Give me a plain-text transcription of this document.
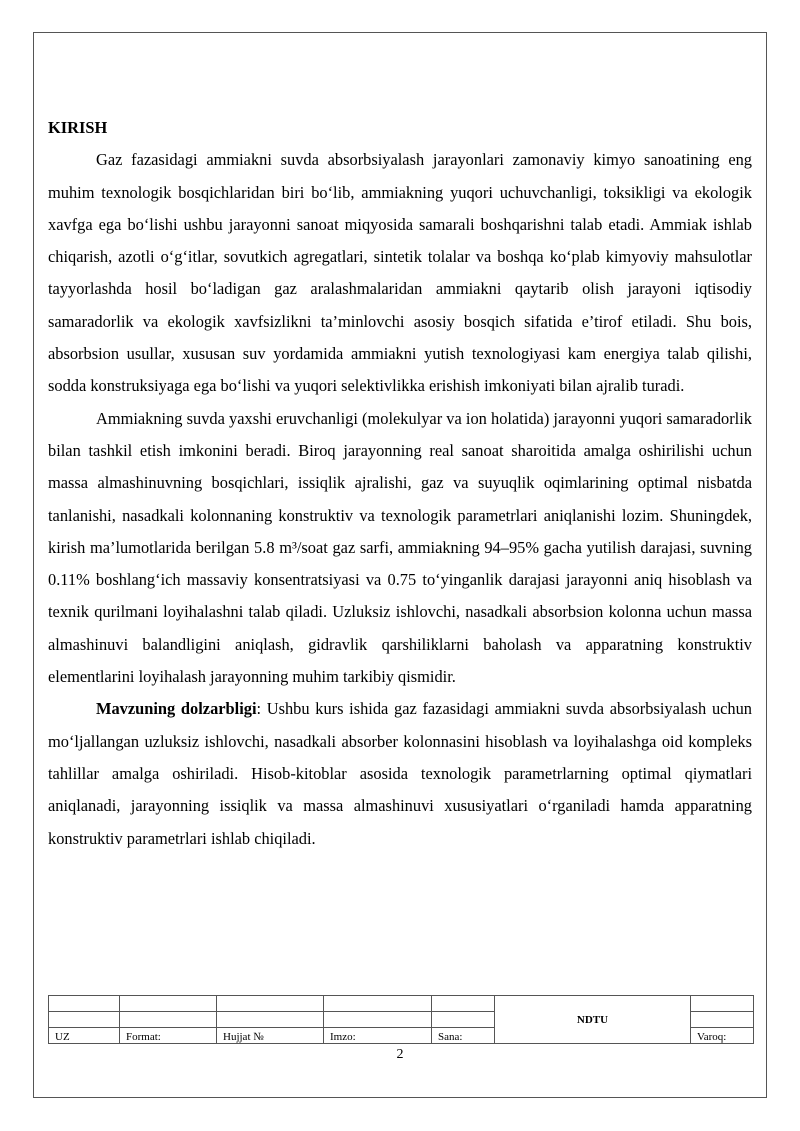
KIRISH

Gaz fazasidagi ammiakni suvda absorbsiyalash jarayonlari zamonaviy kimyo sanoatining eng muhim texnologik bosqichlaridan biri bo‘lib, ammiakning yuqori uchuvchanligi, toksikligi va ekologik xavfga ega bo‘lishi ushbu jarayonni sanoat miqyosida samarali boshqarishni talab etadi. Ammiak ishlab chiqarish, azotli o‘g‘itlar, sovutkich agregatlari, sintetik tolalar va boshqa ko‘plab kimyoviy mahsulotlar tayyorlashda hosil bo‘ladigan gaz aralashmalaridan ammiakni qaytarib olish jarayoni iqtisodiy samaradorlik va ekologik xavfsizlikni ta’minlovchi asosiy bosqich sifatida e’tirof etiladi. Shu bois, absorbsion usullar, xususan suv yordamida ammiakni yutish texnologiyasi kam energiya talab qilishi, sodda konstruksiyaga ega bo‘lishi va yuqori selektivlikka erishish imkoniyati bilan ajralib turadi.

Ammiakning suvda yaxshi eruvchanligi (molekulyar va ion holatida) jarayonni yuqori samaradorlik bilan tashkil etish imkonini beradi. Biroq jarayonning real sanoat sharoitida amalga oshirilishi uchun massa almashinuvning bosqichlari, issiqlik ajralishi, gaz va suyuqlik oqimlarining optimal nisbatda tanlanishi, nasadkali kolonnaning konstruktiv va texnologik parametrlari aniqlanishi lozim. Shuningdek, kirish ma’lumotlarida berilgan 5.8 m³/soat gaz sarfi, ammiakning 94–95% gacha yutilish darajasi, suvning 0.11% boshlang‘ich massaviy konsentratsiyasi va 0.75 to‘yinganlik darajasi jarayonni aniq hisoblash va texnik qurilmani loyihalashni talab qiladi. Uzluksiz ishlovchi, nasadkali absorbsion kolonna uchun massa almashinuvi balandligini aniqlash, gidravlik qarshiliklarni baholash va apparatning konstruktiv elementlarini loyihalash jarayonning muhim tarkibiy qismidir.

Mavzuning dolzarbligi: Ushbu kurs ishida gaz fazasidagi ammiakni suvda absorbsiyalash uchun mo‘ljallangan uzluksiz ishlovchi, nasadkali absorber kolonnasini hisoblash va loyihalashga oid kompleks tahlillar amalga oshiriladi. Hisob-kitoblar asosida texnologik parametrlarning optimal qiymatlari aniqlanadi, jarayonning issiqlik va massa almashinuvi xususiyatlari o‘rganiladi hamda apparatning konstruktiv parametrlari ishlab chiqiladi.

					NDTU	

UZ	Format:	Hujjat №	Imzo:	Sana:		Varoq:
2
